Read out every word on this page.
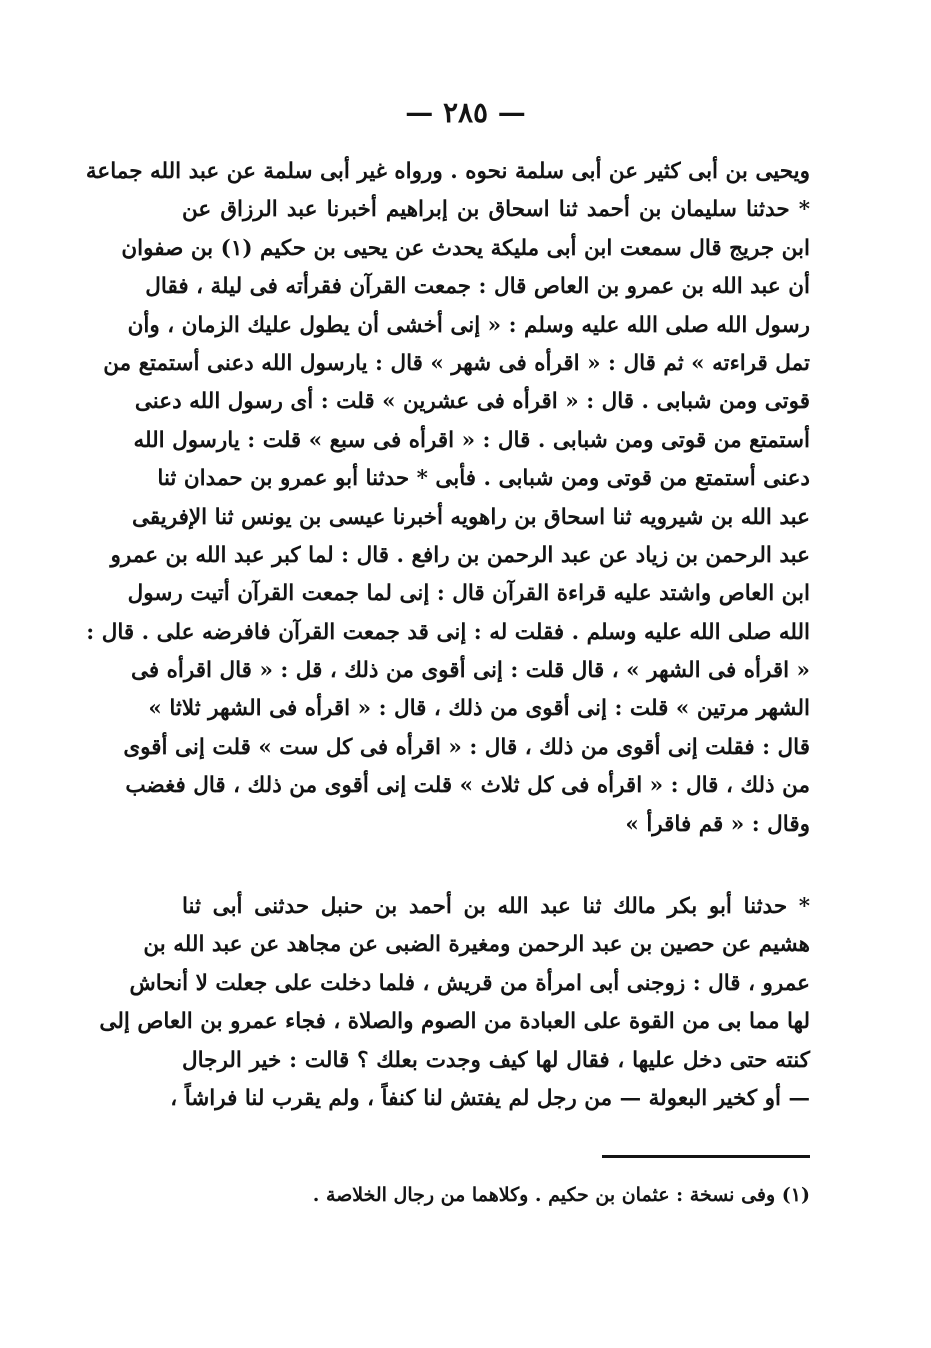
— ٢٨٥ —
ويحيى بن أبى كثير عن أبى سلمة نحوه . ورواه غير أبى سلمة عن عبد الله جماعة
* حدثنا سليمان بن أحمد ثنا اسحاق بن إبراهيم أخبرنا عبد الرزاق عن
ابن جريج قال سمعت ابن أبى مليكة يحدث عن يحيى بن حكيم (١) بن صفوان
أن عبد الله بن عمرو بن العاص قال : جمعت القرآن فقرأته فى ليلة ، فقال
رسول الله صلى الله عليه وسلم : « إنى أخشى أن يطول عليك الزمان ، وأن
تمل قراءته » ثم قال : « اقرأه فى شهر » قال : يارسول الله دعنى أستمتع من
قوتى ومن شبابى . قال : « اقرأه فى عشرين » قلت : أى رسول الله دعنى
أستمتع من قوتى ومن شبابى . قال : « اقرأه فى سبع » قلت : يارسول الله
دعنى أستمتع من قوتى ومن شبابى . فأبى * حدثنا أبو عمرو بن حمدان ثنا
عبد الله بن شيرويه ثنا اسحاق بن راهويه أخبرنا عيسى بن يونس ثنا الإفريقى
عبد الرحمن بن زياد عن عبد الرحمن بن رافع . قال : لما كبر عبد الله بن عمرو
ابن العاص واشتد عليه قراءة القرآن قال : إنى لما جمعت القرآن أتيت رسول
الله صلى الله عليه وسلم . فقلت له : إنى قد جمعت القرآن فافرضه على . قال :
« اقرأه فى الشهر » ، قال قلت : إنى أقوى من ذلك ، قل : « قال اقرأه فى
الشهر مرتين » قلت : إنى أقوى من ذلك ، قال : « اقرأه فى الشهر ثلاثا »
قال : فقلت إنى أقوى من ذلك ، قال : « اقرأه فى كل ست » قلت إنى أقوى
من ذلك ، قال : « اقرأه فى كل ثلاث » قلت إنى أقوى من ذلك ، قال فغضب
وقال : « قم فاقرأ »
* حدثنا أبو بكر مالك ثنا عبد الله بن أحمد بن حنبل حدثنى أبى ثنا
هشيم عن حصين بن عبد الرحمن ومغيرة الضبى عن مجاهد عن عبد الله بن
عمرو ، قال : زوجنى أبى امرأة من قريش ، فلما دخلت على جعلت لا أنحاش
لها مما بى من القوة على العبادة من الصوم والصلاة ، فجاء عمرو بن العاص إلى
كنته حتى دخل عليها ، فقال لها كيف وجدت بعلك ؟ قالت : خير الرجال
— أو كخير البعولة — من رجل لم يفتش لنا كنفاً ، ولم يقرب لنا فراشاً ،
(١) وفى نسخة : عثمان بن حكيم . وكلاهما من رجال الخلاصة .
